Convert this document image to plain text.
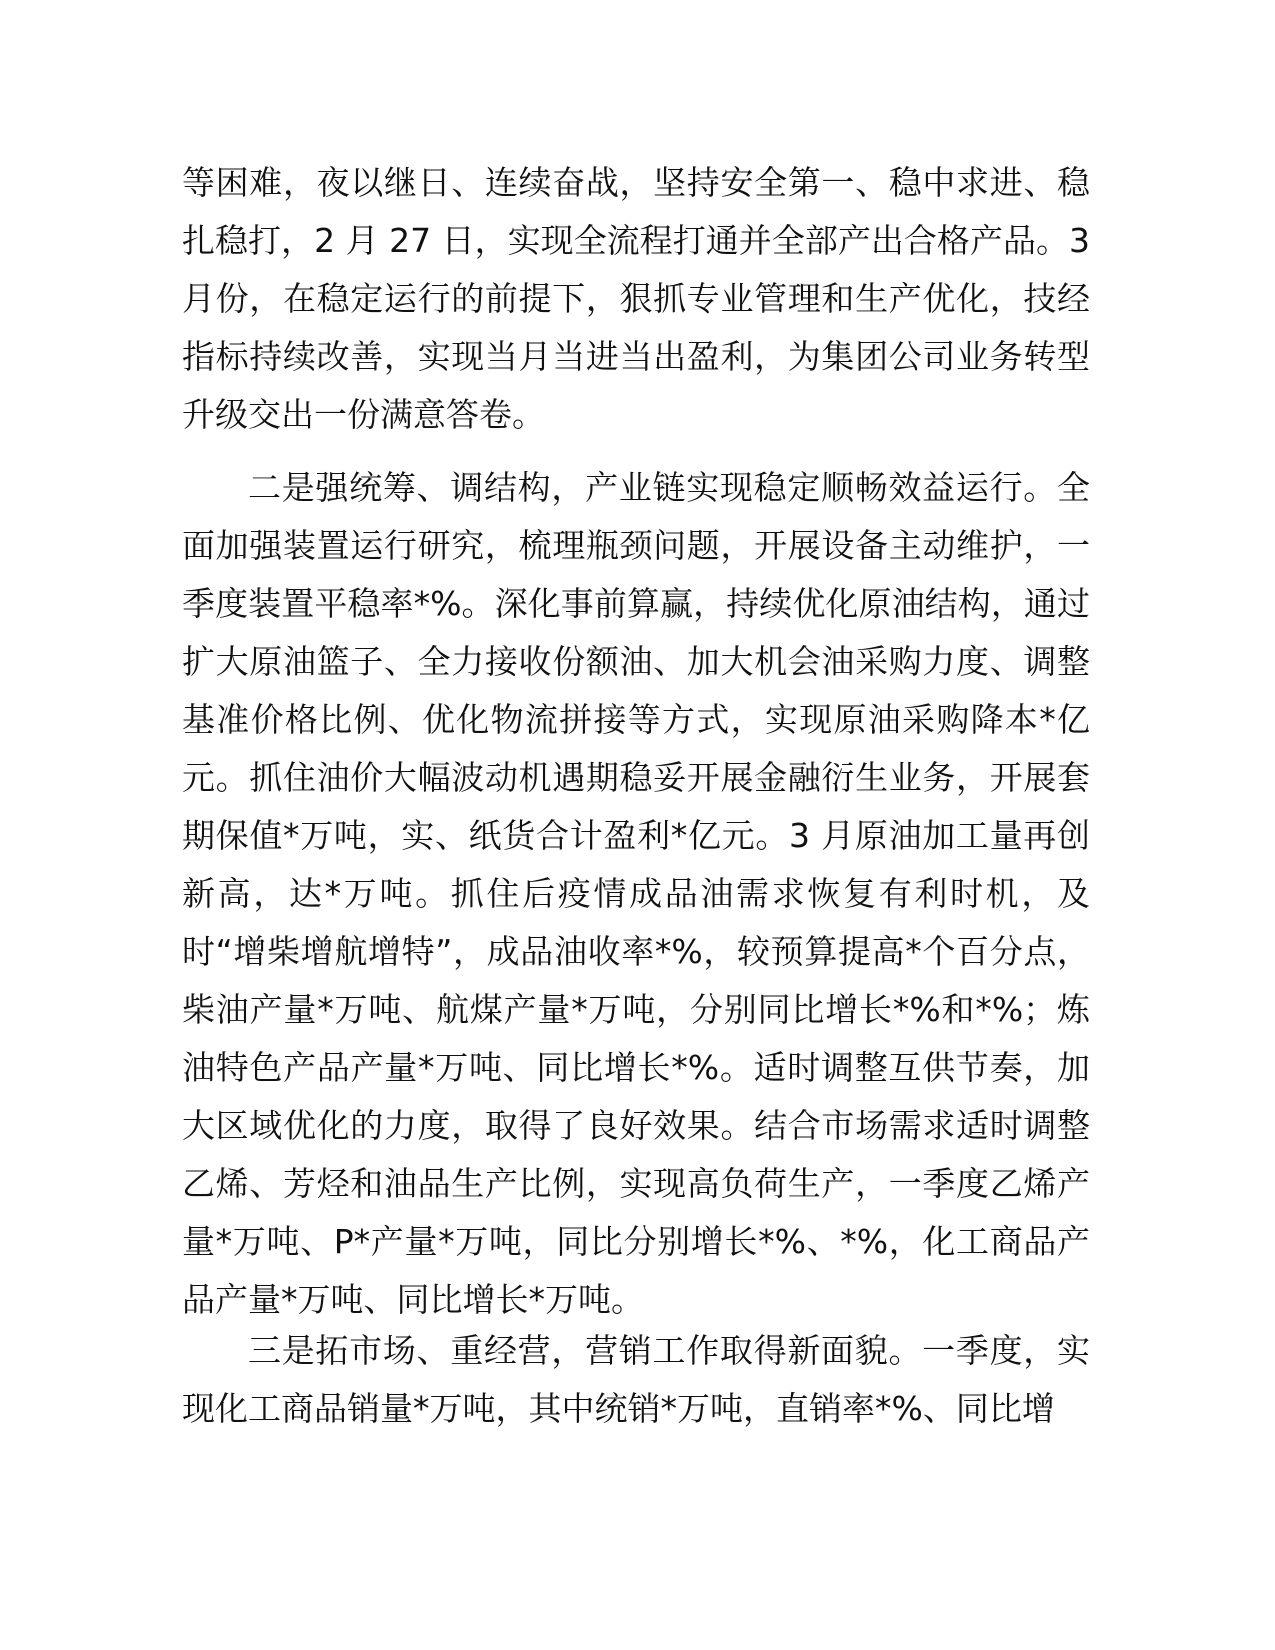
等困难，夜以继日、连续奋战，坚持安全第一、稳中求进、稳扎稳打，2 月 27 日，实现全流程打通并全部产出合格产品。3 月份，在稳定运行的前提下，狠抓专业管理和生产优化，技经指标持续改善，实现当月当进当出盈利，为集团公司业务转型升级交出一份满意答卷。

二是强统筹、调结构，产业链实现稳定顺畅效益运行。全面加强装置运行研究，梳理瓶颈问题，开展设备主动维护，一季度装置平稳率*%。深化事前算赢，持续优化原油结构，通过扩大原油篮子、全力接收份额油、加大机会油采购力度、调整基准价格比例、优化物流拼接等方式，实现原油采购降本*亿元。抓住油价大幅波动机遇期稳妥开展金融衍生业务，开展套期保值*万吨，实、纸货合计盈利*亿元。3 月原油加工量再创新高，达*万吨。抓住后疫情成品油需求恢复有利时机，及时“增柴增航增特”，成品油收率*%，较预算提高*个百分点，柴油产量*万吨、航煤产量*万吨，分别同比增长*%和*%；炼油特色产品产量*万吨、同比增长*%。适时调整互供节奏，加大区域优化的力度，取得了良好效果。结合市场需求适时调整乙烯、芳烃和油品生产比例，实现高负荷生产，一季度乙烯产量*万吨、P*产量*万吨，同比分别增长*%、*%，化工商品产品产量*万吨、同比增长*万吨。

三是拓市场、重经营，营销工作取得新面貌。一季度，实现化工商品销量*万吨，其中统销*万吨，直销率*%、同比增
